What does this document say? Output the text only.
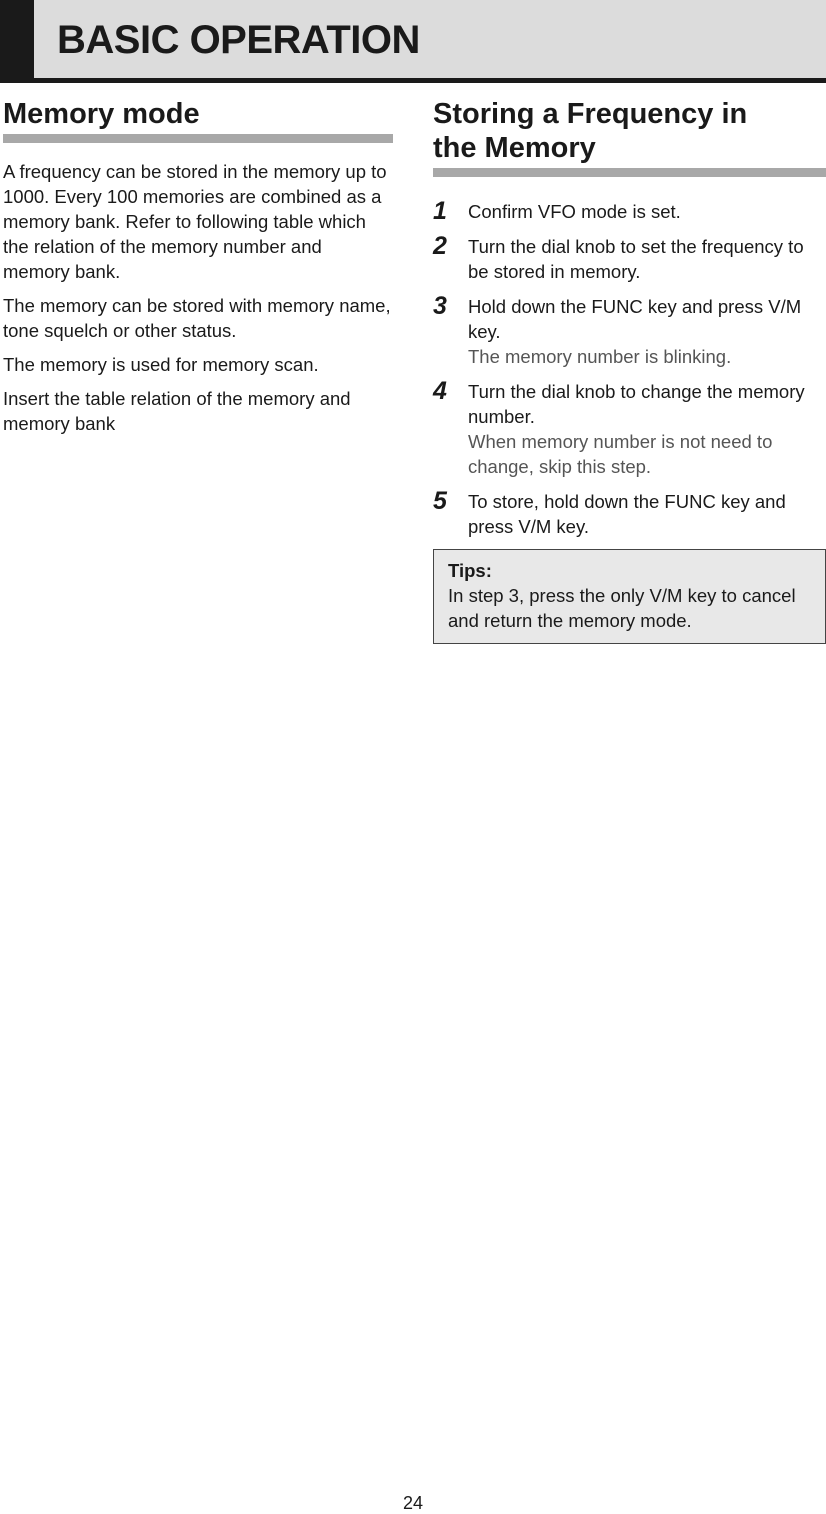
BASIC OPERATION
Memory mode

A frequency can be stored in the memory up to 1000. Every 100 memories are combined as a memory bank. Refer to following table which the relation of the memory number and memory bank.

The memory can be stored with memory name, tone squelch or other status.

The memory is used for memory scan.

Insert the table relation of the memory and memory bank

Storing a Frequency in
the Memory
1	Confirm VFO mode is set.
2	Turn the dial knob to set the frequency to be stored in memory.
3	Hold down the FUNC key and press V/M key.
The memory number is blinking.
4	Turn the dial knob to change the memory number.
When memory number is not need to change, skip this step.
5	To store, hold down the FUNC key and press V/M key.
Tips:
In step 3, press the only V/M key to cancel and return the memory mode.
24
